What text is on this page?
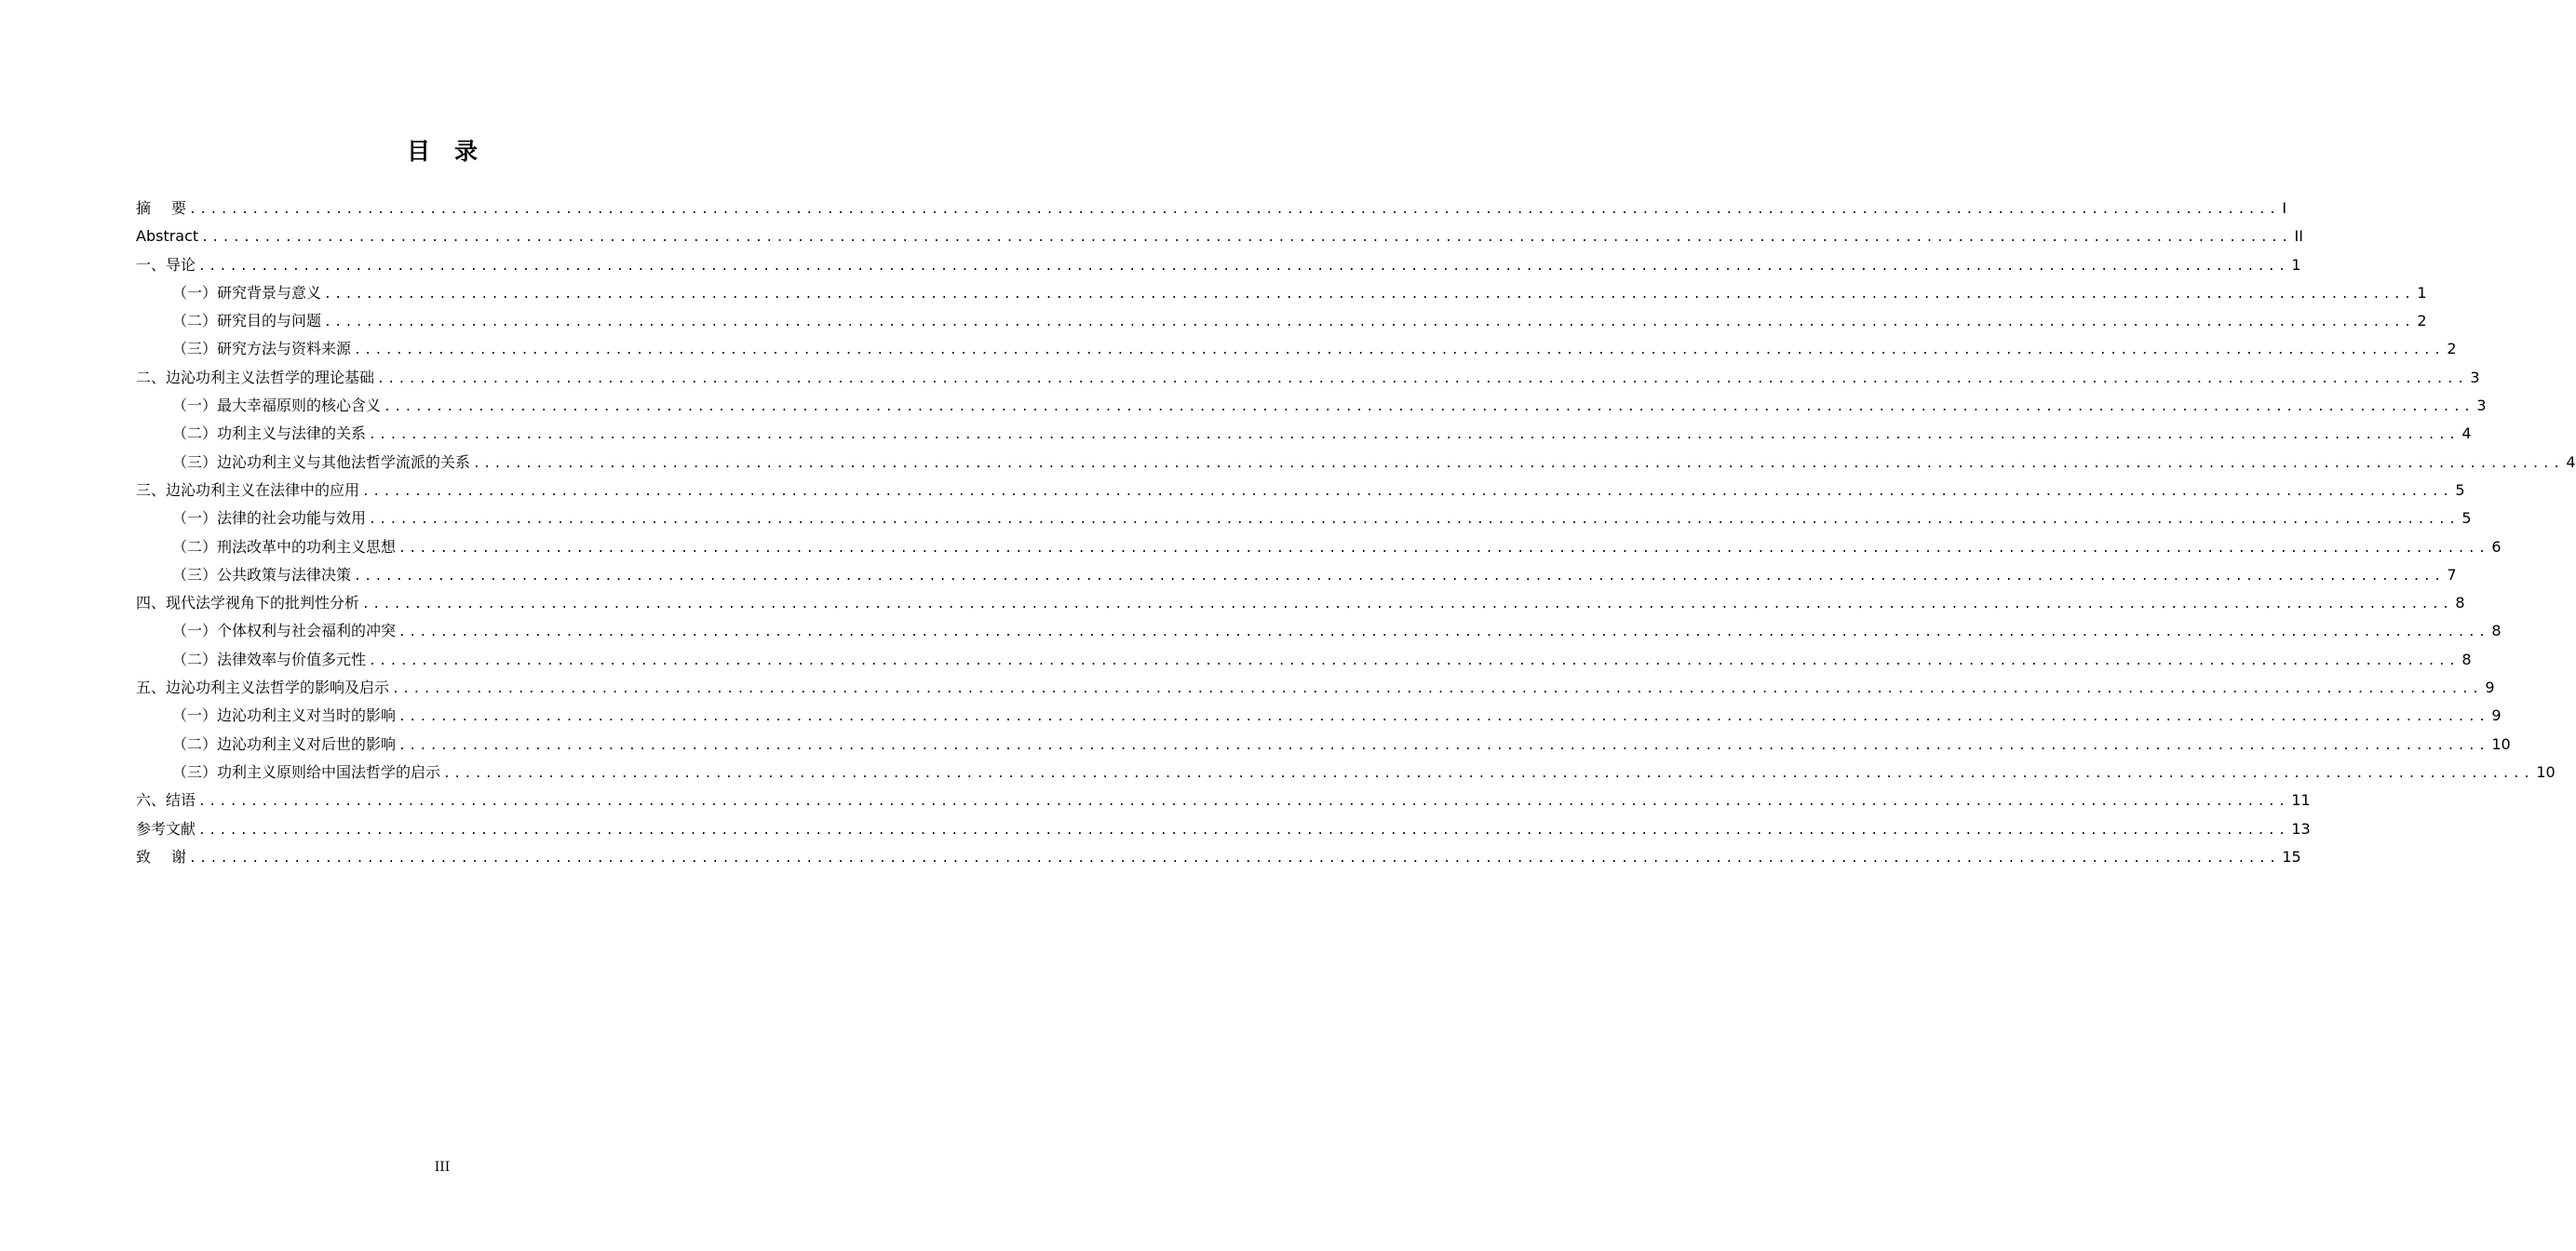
目录
摘要
........................................................................................................................................................................................................ I
Abstract ........................................................................................................................................................................................................ II
一、导论 ........................................................................................................................................................................................................ 1
（一）研究背景与意义 ........................................................................................................................................................................................................ 1
（二）研究目的与问题 ........................................................................................................................................................................................................ 2
（三）研究方法与资料来源 ........................................................................................................................................................................................................ 2
二、边沁功利主义法哲学的理论基础 ........................................................................................................................................................................................................ 3
（一）最大幸福原则的核心含义 ........................................................................................................................................................................................................ 3
（二）功利主义与法律的关系 ........................................................................................................................................................................................................ 4
（三）边沁功利主义与其他法哲学流派的关系 ........................................................................................................................................................................................................ 4
三、边沁功利主义在法律中的应用 ........................................................................................................................................................................................................ 5
（一）法律的社会功能与效用 ........................................................................................................................................................................................................ 5
（二）刑法改革中的功利主义思想 ........................................................................................................................................................................................................ 6
（三）公共政策与法律决策 ........................................................................................................................................................................................................ 7
四、现代法学视角下的批判性分析 ........................................................................................................................................................................................................ 8
（一）个体权利与社会福利的冲突 ........................................................................................................................................................................................................ 8
（二）法律效率与价值多元性 ........................................................................................................................................................................................................ 8
五、边沁功利主义法哲学的影响及启示 ........................................................................................................................................................................................................ 9
（一）边沁功利主义对当时的影响 ........................................................................................................................................................................................................ 9
（二）边沁功利主义对后世的影响 ........................................................................................................................................................................................................ 10
（三）功利主义原则给中国法哲学的启示 ........................................................................................................................................................................................................ 10
六、结语 ........................................................................................................................................................................................................ 11
参考文献 ........................................................................................................................................................................................................ 13
致谢
........................................................................................................................................................................................................ 15
III
